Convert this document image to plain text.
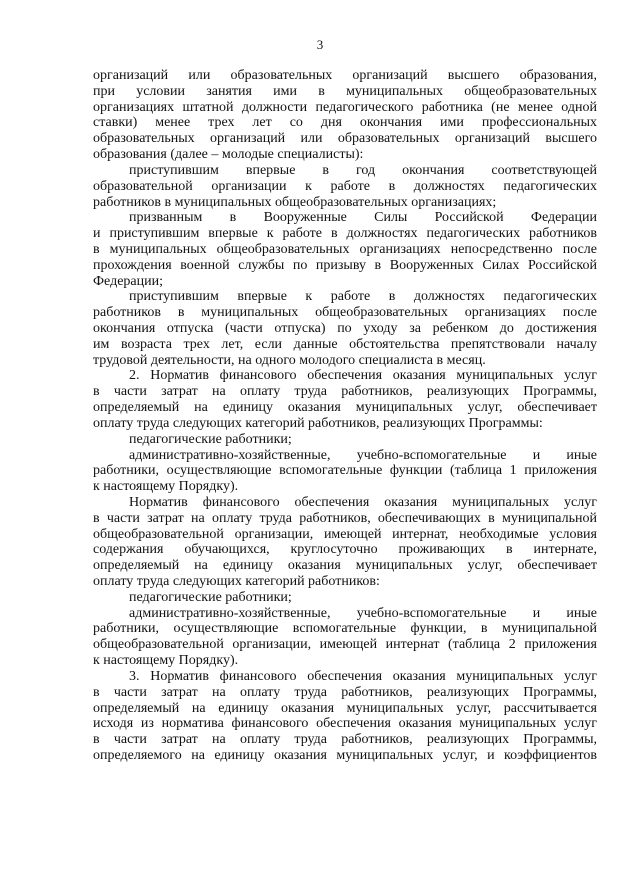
3
организаций или образовательных организаций высшего образования,
при условии занятия ими в муниципальных общеобразовательных
организациях штатной должности педагогического работника (не менее одной
ставки) менее трех лет со дня окончания ими профессиональных
образовательных организаций или образовательных организаций высшего
образования (далее – молодые специалисты):
приступившим впервые в год окончания соответствующей
образовательной организации к работе в должностях педагогических
работников в муниципальных общеобразовательных организациях;
призванным в Вооруженные Силы Российской Федерации
и приступившим впервые к работе в должностях педагогических работников
в муниципальных общеобразовательных организациях непосредственно после
прохождения военной службы по призыву в Вооруженных Силах Российской
Федерации;
приступившим впервые к работе в должностях педагогических
работников в муниципальных общеобразовательных организациях после
окончания отпуска (части отпуска) по уходу за ребенком до достижения
им возраста трех лет, если данные обстоятельства препятствовали началу
трудовой деятельности, на одного молодого специалиста в месяц.
2. Норматив финансового обеспечения оказания муниципальных услуг
в части затрат на оплату труда работников, реализующих Программы,
определяемый на единицу оказания муниципальных услуг, обеспечивает
оплату труда следующих категорий работников, реализующих Программы:
педагогические работники;
административно-хозяйственные, учебно-вспомогательные и иные
работники, осуществляющие вспомогательные функции (таблица 1 приложения
к настоящему Порядку).
Норматив финансового обеспечения оказания муниципальных услуг
в части затрат на оплату труда работников, обеспечивающих в муниципальной
общеобразовательной организации, имеющей интернат, необходимые условия
содержания обучающихся, круглосуточно проживающих в интернате,
определяемый на единицу оказания муниципальных услуг, обеспечивает
оплату труда следующих категорий работников:
педагогические работники;
административно-хозяйственные, учебно-вспомогательные и иные
работники, осуществляющие вспомогательные функции, в муниципальной
общеобразовательной организации, имеющей интернат (таблица 2 приложения
к настоящему Порядку).
3. Норматив финансового обеспечения оказания муниципальных услуг
в части затрат на оплату труда работников, реализующих Программы,
определяемый на единицу оказания муниципальных услуг, рассчитывается
исходя из норматива финансового обеспечения оказания муниципальных услуг
в части затрат на оплату труда работников, реализующих Программы,
определяемого на единицу оказания муниципальных услуг, и коэффициентов
